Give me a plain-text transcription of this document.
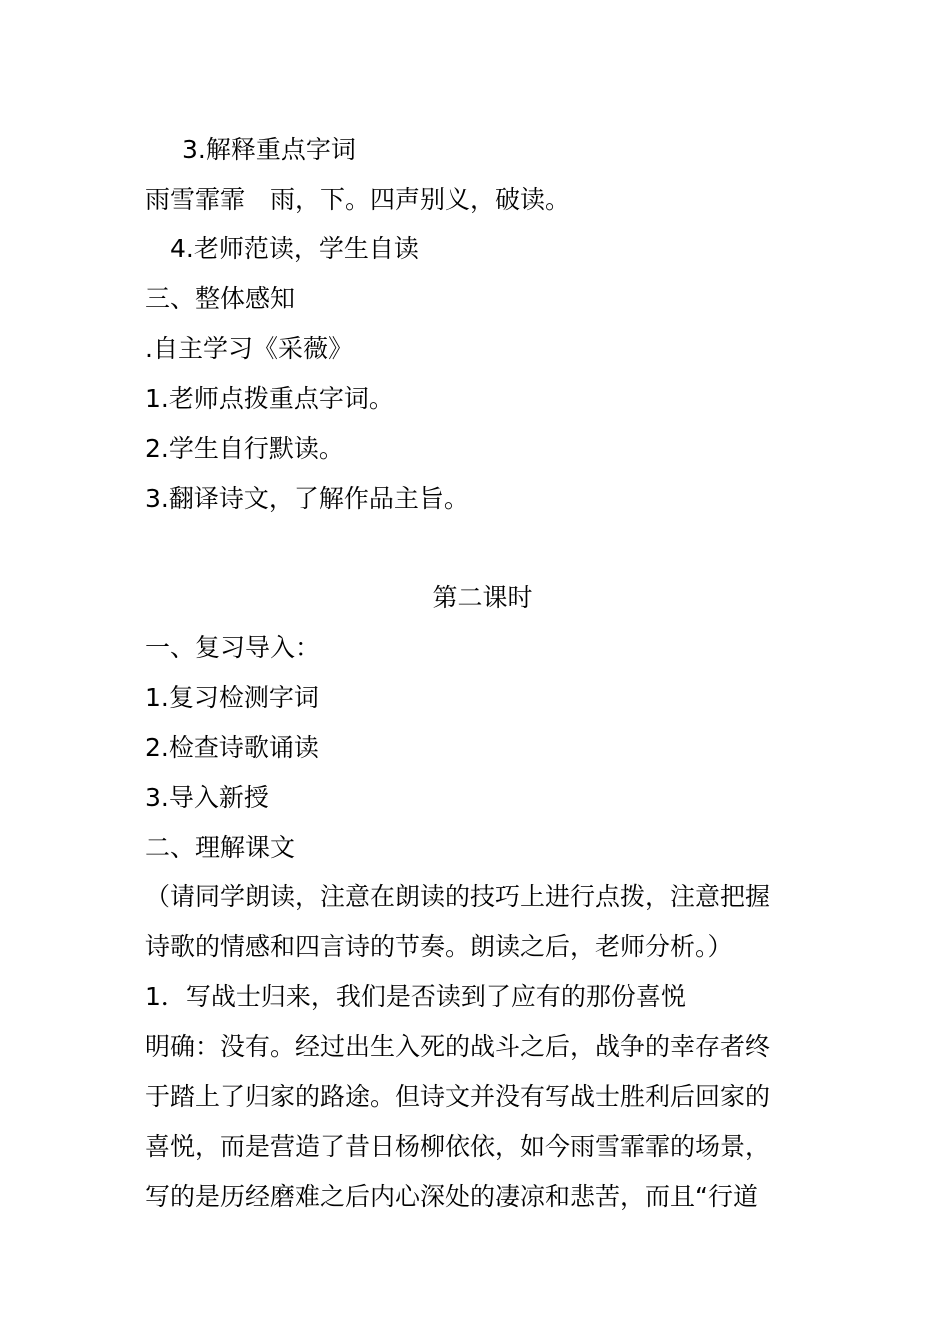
3.解释重点字词
雨雪霏霏　雨，下。四声别义，破读。
4.老师范读，学生自读
三、整体感知
.自主学习《采薇》
1.老师点拨重点字词。
2.学生自行默读。
3.翻译诗文，了解作品主旨。
第二课时
一、复习导入：
1.复习检测字词
2.检查诗歌诵读
3.导入新授
二、理解课文
（请同学朗读，注意在朗读的技巧上进行点拨，注意把握
诗歌的情感和四言诗的节奏。朗读之后，老师分析。）
1．写战士归来，我们是否读到了应有的那份喜悦
明确：没有。经过出生入死的战斗之后，战争的幸存者终
于踏上了归家的路途。但诗文并没有写战士胜利后回家的
喜悦，而是营造了昔日杨柳依依，如今雨雪霏霏的场景，
写的是历经磨难之后内心深处的凄凉和悲苦，而且“行道
